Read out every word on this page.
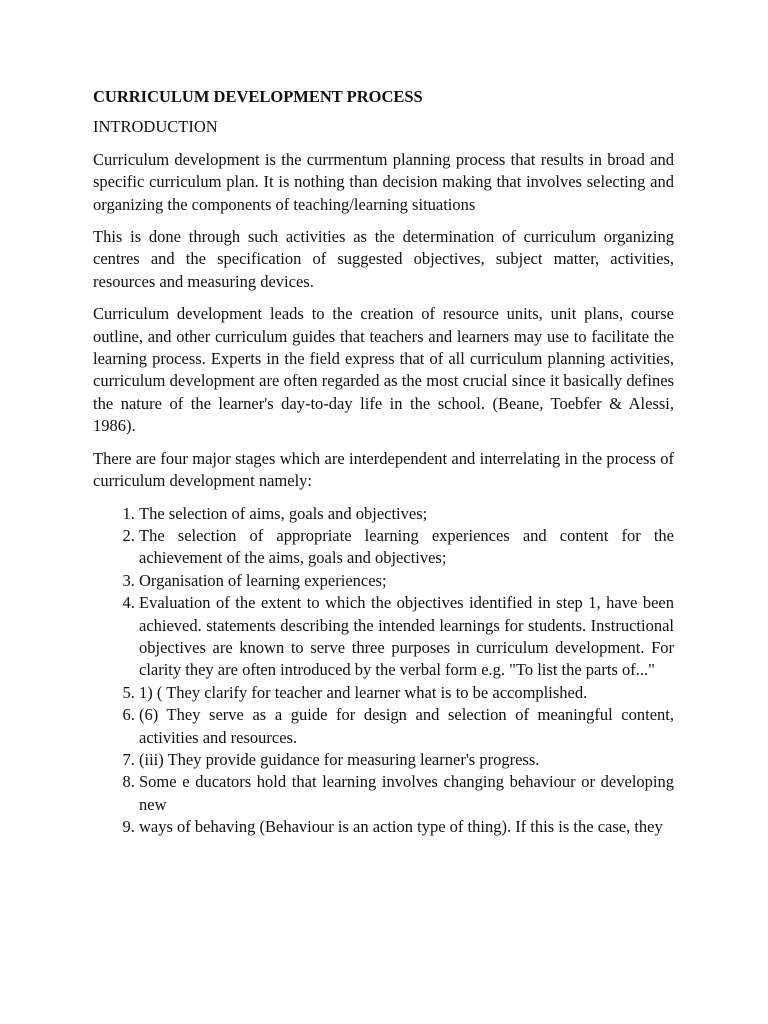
CURRICULUM DEVELOPMENT PROCESS
INTRODUCTION

Curriculum development is the currmentum planning process that results in broad and specific curriculum plan. It is nothing than decision making that involves selecting and organizing the components of teaching/learning situations

This is done through such activities as the determination of curriculum organizing centres and the specification of suggested objectives, subject matter, activities, resources and measuring devices.

Curriculum development leads to the creation of resource units, unit plans, course outline, and other curriculum guides that teachers and learners may use to facilitate the learning process. Experts in the field express that of all curriculum planning activities, curriculum development are often regarded as the most crucial since it basically defines the nature of the learner's day-to-day life in the school. (Beane, Toebfer & Alessi, 1986).

There are four major stages which are interdependent and interrelating in the process of curriculum development namely:

1. The selection of aims, goals and objectives;
2. The selection of appropriate learning experiences and content for the achievement of the aims, goals and objectives;
3. Organisation of learning experiences;
4. Evaluation of the extent to which the objectives identified in step 1, have been achieved. statements describing the intended learnings for students. Instructional objectives are known to serve three purposes in curriculum development. For clarity they are often introduced by the verbal form e.g. "To list the parts of..."
5. 1) ( They clarify for teacher and learner what is to be accomplished.
6. (6) They serve as a guide for design and selection of meaningful content, activities and resources.
7. (iii) They provide guidance for measuring learner's progress.
8. Some e ducators hold that learning involves changing behaviour or developing new
9. ways of behaving (Behaviour is an action type of thing). If this is the case, they
